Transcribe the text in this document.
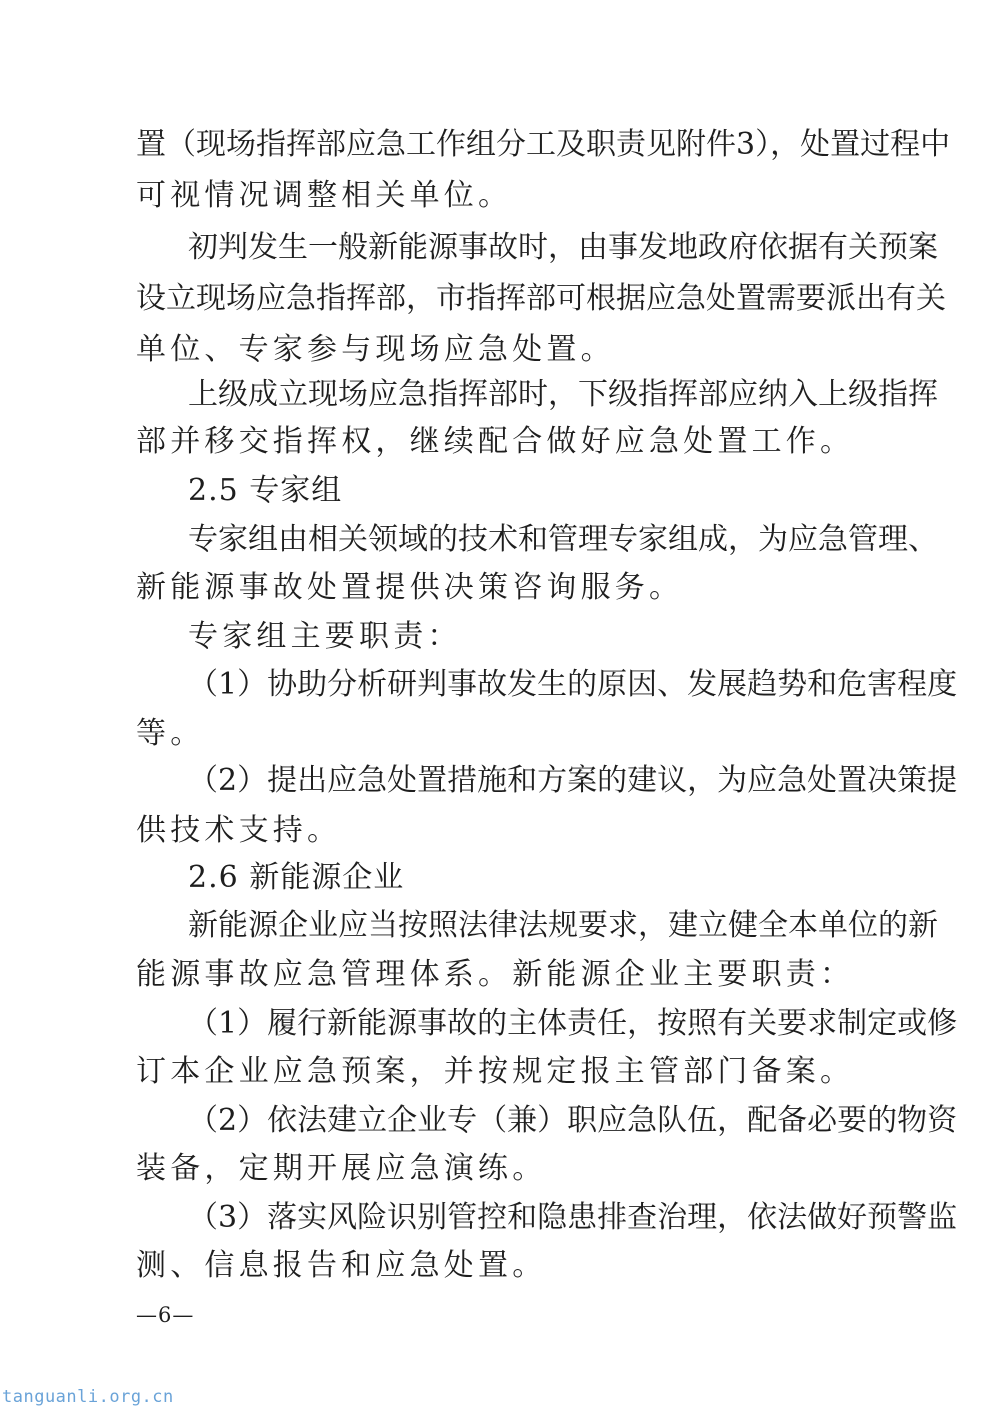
置（现场指挥部应急工作组分工及职责见附件3），处置过程中
可视情况调整相关单位。
初判发生一般新能源事故时，由事发地政府依据有关预案
设立现场应急指挥部，市指挥部可根据应急处置需要派出有关
单位、专家参与现场应急处置。
上级成立现场应急指挥部时，下级指挥部应纳入上级指挥
部并移交指挥权，继续配合做好应急处置工作。
2.5 专家组
专家组由相关领域的技术和管理专家组成，为应急管理、
新能源事故处置提供决策咨询服务。
专家组主要职责：
（1）协助分析研判事故发生的原因、发展趋势和危害程度
等。
（2）提出应急处置措施和方案的建议，为应急处置决策提
供技术支持。
2.6 新能源企业
新能源企业应当按照法律法规要求，建立健全本单位的新
能源事故应急管理体系。新能源企业主要职责：
（1）履行新能源事故的主体责任，按照有关要求制定或修
订本企业应急预案，并按规定报主管部门备案。
（2）依法建立企业专（兼）职应急队伍，配备必要的物资
装备，定期开展应急演练。
（3）落实风险识别管控和隐患排查治理，依法做好预警监
测、信息报告和应急处置。
—6—
tanguanli.org.cn
